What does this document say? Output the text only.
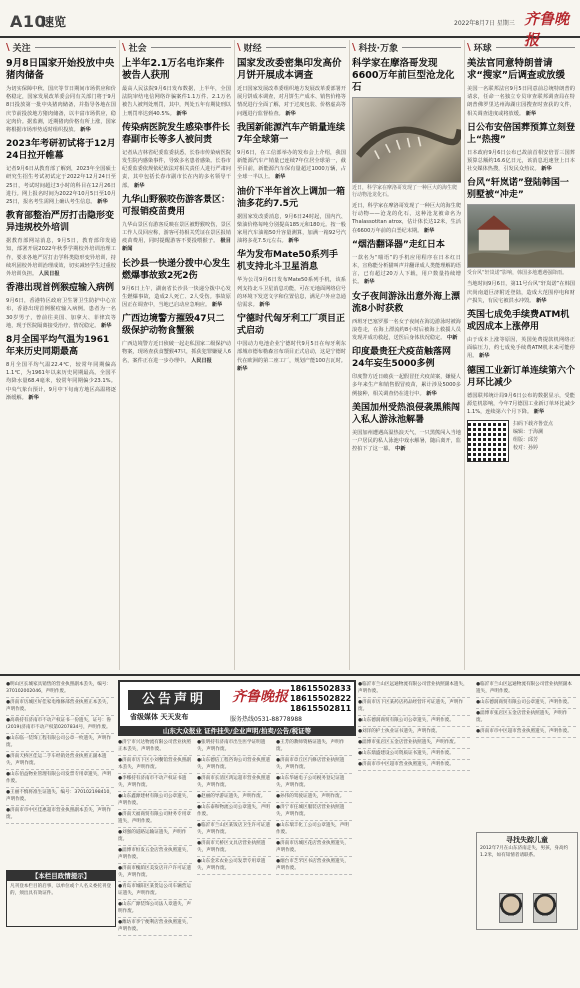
A10
速览	2022年8月7日 星期三 齐鲁晚报
\ 关注
9月8日国家开始投放中央猪肉储备

为切实保障中秋、国庆等节日期间市场供应和价格稳定，国家发展改革委会同有关部门将于9月8日投放第一批中央猪肉储备，并指导各地在国庆节前投放地方猪肉储备，以丰富市场供应，稳定肉价。据监测，近期猪肉价格有所上涨，国家将根据市场形势适时组织投放。 新华

2023年考研初试将于12月24日拉开帷幕

记者9月6日从教育部了解到，2023年全国硕士研究生招生考试初试定于2022年12月24日至25日，考试时间超过3小时的科目在12月26日进行。网上报名时间为2022年10月5日至10月25日，报名考生需网上确认考生信息。 新华

教育部整治严厉打击隐形变异违规校外培训

据教育部网站消息，9月5日，教育部印发通知，部署开展2022年秋季学期校外培训治理工作，要求各地严厉打击学科类隐形变异培训，持续巩固校外培训治理成效，切实减轻学生过重校外培训负担。 人民日报

香港出现首例猴痘输入病例

9月6日，香港特区政府卫生署卫生防护中心宣布，香港出现首例猴痘输入病例。患者为一名30岁男子，曾前往美国、加拿大、菲律宾等地，现于医院隔离接受治疗，情况稳定。 新华

8月全国平均气温为1961年来历史同期最高

8月全国平均气温22.4℃，较常年同期偏高1.1℃，为1961年以来历史同期最高。全国平均降水量68.4毫米，较常年同期偏少23.1%。中央气象台预计，9月中下旬南方地区高温将逐渐缓解。 新华

\ 社会
上半年2.1万名电诈案件被告人获刑

最高人民法院9月6日发布数据，上半年，全国法院审结电信网络诈骗案件1.1万件、2.1万名被告人被判处刑罚，其中，判处五年有期徒刑以上刑罚率达到40.5%。 新华

传染病医院发生感染事件长春副市长等多人被问责

记者从吉林省纪委监委获悉，长春市传染病医院发生院内感染事件，导致多名患者感染。长春市纪委监委依规依纪依法对相关责任人进行严肃问责，其中包括长春市副市长在内的多名领导干部。 新华

九华山野猴咬伤游客景区：可报销疫苗费用

九华山景区有游客反映在景区被野猴咬伤，景区工作人员回应称，游客可持相关凭证在景区报销疫苗费用，同时提醒游客不要投喂猴子。 极目新闻

长沙县一快递分拨中心发生燃爆事故致2死2伤

9月6日上午，湖南省长沙县一快递分拨中心发生燃爆事故，造成2人死亡、2人受伤。事故原因正在调查中，当地已启动应急响应。 新华

广西边境警方摧毁47只二级保护动物食蟹猴

广西边境警方近日侦破一起走私国家二级保护动物案，现场查获食蟹猴47只，抓获犯罪嫌疑人6名，案件正在进一步办理中。 人民日报

\ 财经
国家发改委密集印发高价月饼开展成本调查

近日国家发展改革委组织地方发展改革委部署开展月饼成本调查，对月饼生产成本、销售价格等情况进行全面了解，对于过度包装、价格虚高等问题进行监督检查。 新华

我国新能源汽车产销量连续7年全球第一

9月6日，在工信部举办的发布会上介绍，我国新能源汽车产销量已连续7年位居全球第一，截至目前，新能源汽车保有量超过1000万辆，占全球一半以上。 新华

油价下半年首次上调加一箱油多花约7.5元

据国家发改委消息，9月6日24时起，国内汽、柴油价格每吨分别提高185元和180元。按一般家用汽车油箱50升容量测算，加满一箱92号汽油将多花7.5元左右。 新华

华为发布Mate50系列手机支持北斗卫星消息

华为公司9月6日发布Mate50系列手机，该系列支持北斗卫星消息功能，可在无地面网络信号的环境下发送文字和位置信息，满足户外应急通信需求。 新华

宁德时代匈牙利工厂项目正式启动

中国动力电池企业宁德时代9月5日在匈牙利东部城市德布勒森宣布项目正式启动，这是宁德时代在欧洲的第二座工厂，规划产能100吉瓦时。 新华

\ 科技·万象
科学家在摩洛哥发现6600万年前巨型沧龙化石
近日，科学家在摩洛哥发现了一种巨大的海生爬行动物沧龙化石。

近日，科学家在摩洛哥发现了一种巨大的海生爬行动物——沧龙的化石，这种沧龙被命名为Thalassotitan atrox，估计体长达12米，生活在6600万年前的白垩纪末期。 新华

“烟浩翻译器”走红日本

一款名为“喵语”的手机应用程序在日本红日本，宣称能分析猫叫声并翻译成人类能理解的语言，已有超过20万人下载，用户数量持续增长。 新华

女子夜间游泳出意外海上漂流8小时获救

西班牙巴塞罗那一名女子夜间在海边游泳时被海浪卷走，在海上漂流约8小时后被海上救援人员发现并成功救起，送医后身体状况稳定。 中新

印度最贵狂犬疫苗触落网24年妄生5000多例

印度警方近日破获一起假冒狂犬疫苗案，嫌疑人多年来生产和销售假冒疫苗，累计涉及5000多例接种，相关调查仍在进行中。 新华

美国加州受热浪侵袭黑熊闯入私人游泳池解暑

美国加州遭遇高温热浪天气，一只黑熊闯入当地一户居民的私人泳池中戏水解暑，随后离开，监控拍下了这一幕。 中新

\ 环球
美法官同意特朗普请求“搜家”后调查或放缓

美国一名联邦法官9月5日同意前总统特朗普的请求，任命一名独立专员审查联邦调查局在特朗普佛罗里达州海湖庄园搜查时查获的文件，相关调查进度或将放缓。 新华

日公布安倍国葬预算立刻登上“热搜”

日本政府9月6日公布已故前首相安倍晋三国葬预算总额约16.6亿日元，该消息迅速登上日本社交媒体热搜，引发民众热议。 新华

台风“轩岚诺”登陆韩国一别墅被“冲走”
受台风“轩岚诺”影响，韩国多地遭遇强降雨。

当地时间9月6日，第11号台风“轩岚诺”在韩国庆尚南道巨济附近登陆，造成大范围停电和财产损失，有民宅被洪水冲毁。 新华

英国七成免手续费ATM机或因成本上涨停用

由于成本上涨等原因，英国免费提款机网络正面临压力，约七成免手续费ATM机未来可能停用。 新华

德国工业新订单连续第六个月环比减少

德国联邦统计局9月6日公布的数据显示，受能源危机影响，今年7月德国工业新订单环比减少1.1%，连续第六个月下降。 新华

扫码下载齐鲁壹点
编辑：于海澜
组版：邱芳
校对：孙婷

●明山区长城家具销售的营业执照副本丢失，编号：370102002046，声明作废。

●济南市历城区好佳家电维修部营业执照正本丢失，声明作废。

●高萌持有济南市不动产权证书一份遗失，证号：鲁(2019)济南市不动产权第0207834号，声明作废。

●山东临一装饰工程有限公司公章一枚遗失，声明作废。

●济南天桥区佳运二手车经销处营业执照正副本遗失，声明作废。

●山东佰益物业管理有限公司发票专用章遗失，声明作废。

●王丽不慎将准生证遗失，编号：370102198410，声明作废。

●济南市市中区佳惠超市营业执照副本丢失，声明作废。

【本栏目政情提示】
凡刊登本栏目的启事，以单位或个人名义委托刊登的，须出具有效证件。
公告声明	齐鲁晚报
18615502833
18615502822
18615502811
省级媒体 天天发布	服务热线0531-88778988
山东大众报业 证件挂失/企业声明/拍卖/公告/税证等

●济宁市兴达物流有限公司营业执照正本丢失，声明作废。

●济南市历下区小刘餐馆营业执照副本丢失，声明作废。

●李娜持有济南市不动产权证书遗失，声明作废。

●山东鑫源建材有限公司公章遗失，声明作废。

●济南天福商贸有限公司财务专用章遗失，声明作废。

●刘强的道路运输证遗失，声明作废。

●淄博市恒发五金店营业执照遗失，声明作废。

●济南市槐荫区美发店开户许可证遗失，声明作废。

●青岛市城阳区某货运公司车辆营运证遗失，声明作废。

●山东广源装饰公司法人章遗失，声明作废。

●潍坊市李宁便利店营业执照遗失，声明作废。

●张明持有济南市出生医学证明遗失，声明作废。

●山东德信工程咨询公司营业执照遗失，声明作废。

●济南市长清区鸿运超市营业执照遗失，声明作废。

●赵丽的导游证遗失，声明作废。

●山东泰和物流公司公章遗失，声明作废。

●临沂市兰山区某饭店卫生许可证遗失，声明作废。

●济南市天桥区文具店营业执照遗失，声明作废。

●山东金禾农业公司发票专用章遗失，声明作废。

●王芳的教师资格证遗失，声明作废。

●济南市章丘区汽修店营业执照遗失，声明作废。

●山东华通电子公司税务登记证遗失，声明作废。

●孙伟的驾驶证遗失，声明作废。

●济宁市任城区服装店营业执照遗失，声明作废。

●山东瑞丰化工公司公章遗失，声明作废。

●济南市历城区花店营业执照遗失，声明作废。

●烟台市芝罘区书店营业执照遗失，声明作废。

●临沂市兰山区远通物流有限公司营业执照副本遗失，声明作废。

●济南市历下区某药店药品经营许可证遗失，声明作废。

●山东德润商贸有限公司公章遗失，声明作废。

●刘洋的护士执业证书遗失，声明作废。

●淄博市张店区五金店营业执照遗失，声明作废。

●山东鼎盛建设公司资质证书遗失，声明作废。

●济南市市中区超市营业执照遗失，声明作废。

●临沂市兰山区远通物流有限公司营业执照副本遗失，声明作废。

●山东德润商贸有限公司公章遗失，声明作废。

●淄博市张店区五金店营业执照遗失，声明作废。

●济南市市中区超市营业执照遗失，声明作废。

寻找失踪儿童
2012年7月在山东济南走失，男孩，身高约1.2米，如有知情者请联系。
